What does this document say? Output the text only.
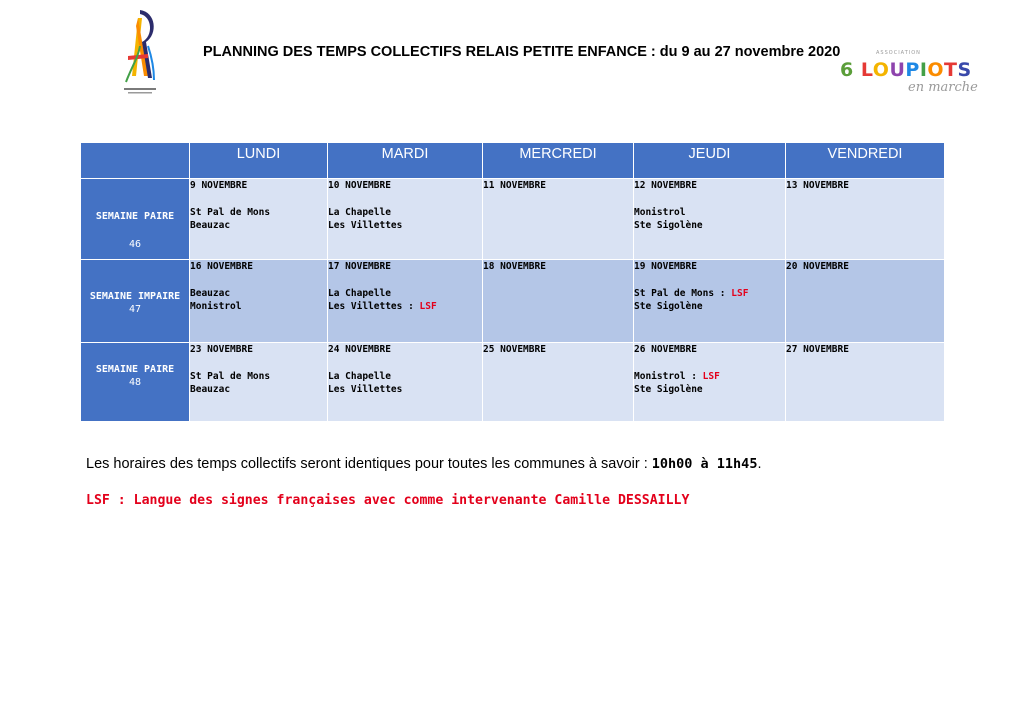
PLANNING DES TEMPS COLLECTIFS RELAIS PETITE ENFANCE : du 9 au 27 novembre 2020	ASSOCIATION
6 LOUPIOTS
en marche
	LUNDI	MARDI	MERCREDI	JEUDI	VENDREDI

SEMAINE PAIRE
46	9 NOVEMBRE
St Pal de Mons
Beauzac	10 NOVEMBRE
La Chapelle
Les Villettes	11 NOVEMBRE	12 NOVEMBRE
Monistrol
Ste Sigolène	13 NOVEMBRE

SEMAINE IMPAIRE
47	16 NOVEMBRE
Beauzac
Monistrol	17 NOVEMBRE
La Chapelle
Les Villettes : LSF	18 NOVEMBRE	19 NOVEMBRE
St Pal de Mons : LSF
Ste Sigolène	20 NOVEMBRE

SEMAINE PAIRE
48	23 NOVEMBRE
St Pal de Mons
Beauzac	24 NOVEMBRE
La Chapelle
Les Villettes	25 NOVEMBRE	26 NOVEMBRE
Monistrol : LSF
Ste Sigolène	27 NOVEMBRE
Les horaires des temps collectifs seront identiques pour toutes les communes à savoir : 10h00 à 11h45.
LSF : Langue des signes françaises avec comme intervenante Camille DESSAILLY
